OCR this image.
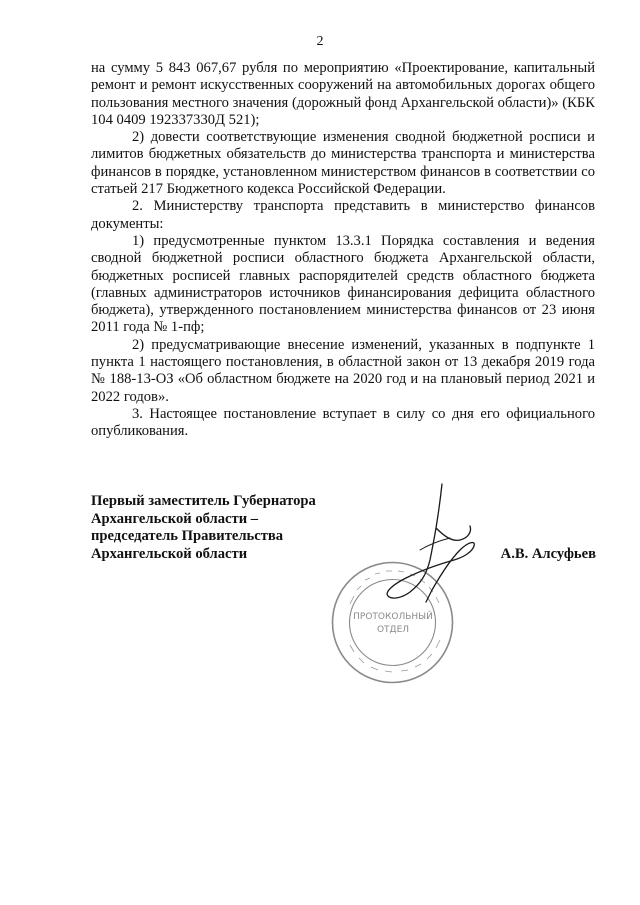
2

на сумму 5 843 067,67 рубля по мероприятию «Проектирование, капитальный ремонт и ремонт искусственных сооружений на автомобильных дорогах общего пользования местного значения (дорожный фонд Архангельской области)» (КБК 104 0409 192337330Д 521);

2) довести соответствующие изменения сводной бюджетной росписи и лимитов бюджетных обязательств до министерства транспорта и министерства финансов в порядке, установленном министерством финансов в соответствии со статьей 217 Бюджетного кодекса Российской Федерации.

2. Министерству транспорта представить в министерство финансов документы:

1) предусмотренные пунктом 13.3.1 Порядка составления и ведения сводной бюджетной росписи областного бюджета Архангельской области, бюджетных росписей главных распорядителей средств областного бюджета (главных администраторов источников финансирования дефицита областного бюджета), утвержденного постановлением министерства финансов от 23 июня 2011 года № 1-пф;

2) предусматривающие внесение изменений, указанных в подпункте 1 пункта 1 настоящего постановления, в областной закон от 13 декабря 2019 года № 188-13-ОЗ «Об областном бюджете на 2020 год и на плановый период 2021 и 2022 годов».

3. Настоящее постановление вступает в силу со дня его официального опубликования.

Первый заместитель Губернатора
Архангельской области –
председатель Правительства
Архангельской области	А.В. Алсуфьев
ПРОТОКОЛЬНЫЙ
ОТДЕЛ
